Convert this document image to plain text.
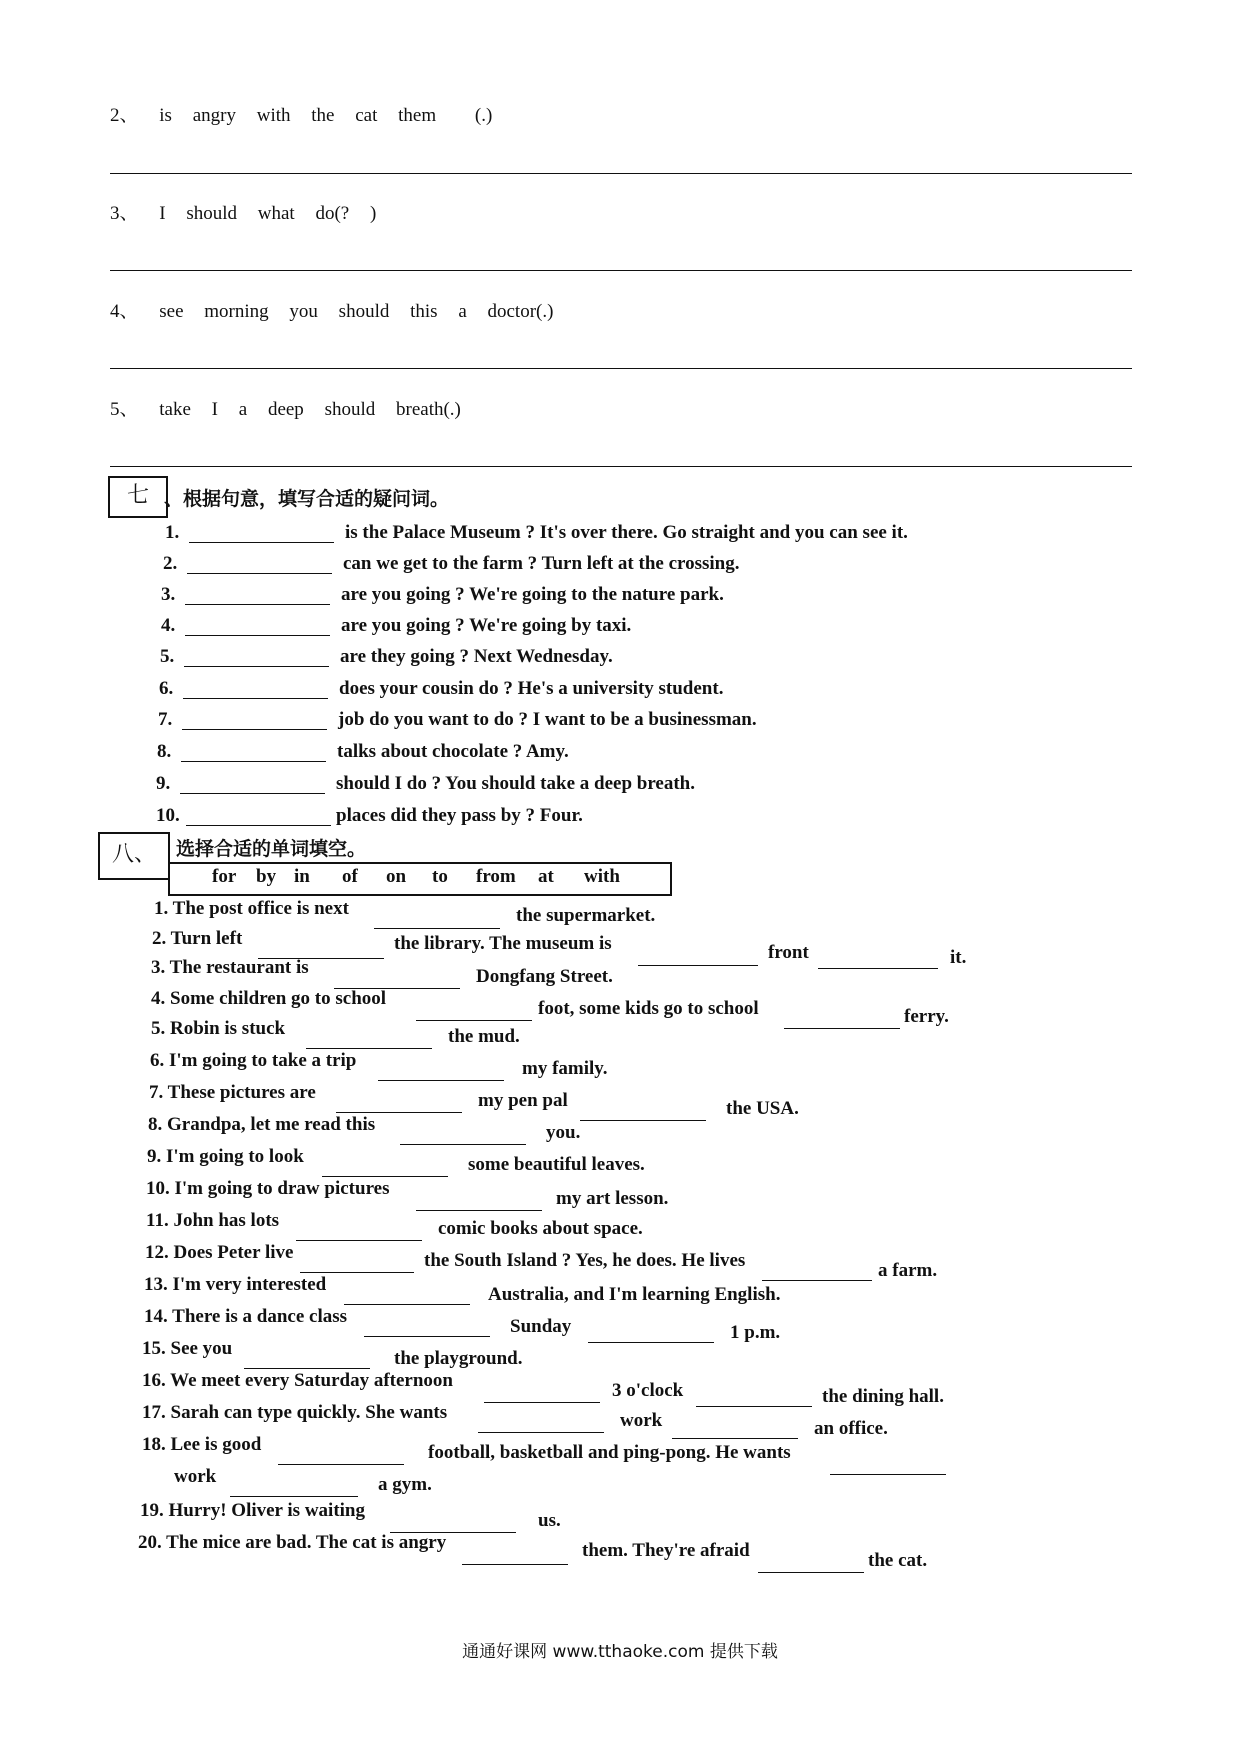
2、 is angry with the cat them (.)
3、 I should what do(? )
4、 see morning you should this a doctor(.)
5、 take I a deep should breath(.)
七 、根据句意，填写合适的疑问词。
1.	is the Palace Museum ? It's over there. Go straight and you can see it.
2.	can we get to the farm ? Turn left at the crossing.
3.	are you going ? We're going to the nature park.
4.	are you going ? We're going by taxi.
5.	are they going ? Next Wednesday.
6.	does your cousin do ? He's a university student.
7.	job do you want to do ? I want to be a businessman.
8.	talks about chocolate ? Amy.
9.	should I do ? You should take a deep breath.
10.	places did they pass by ? Four.
八、	选择合适的单词填空。
for by in of on to from at with
1. The post office is next	the supermarket.
2. Turn left	the library. The museum is	front	it.
3. The restaurant is	Dongfang Street.
4. Some children go to school	foot, some kids go to school	ferry.
5. Robin is stuck	the mud.
6. I'm going to take a trip	my family.
7. These pictures are	my pen pal	the USA.
8. Grandpa, let me read this	you.
9. I'm going to look	some beautiful leaves.
10. I'm going to draw pictures	my art lesson.
11. John has lots	comic books about space.
12. Does Peter live	the South Island ? Yes, he does. He lives	a farm.
13. I'm very interested	Australia, and I'm learning English.
14. There is a dance class	Sunday	1 p.m.
15. See you	the playground.
16. We meet every Saturday afternoon	3 o'clock	the dining hall.
17. Sarah can type quickly. She wants	work	an office.
18. Lee is good	football, basketball and ping-pong. He wants
work	a gym.
19. Hurry! Oliver is waiting	us.
20. The mice are bad. The cat is angry	them. They're afraid	the cat.
通通好课网 www.tthaoke.com 提供下载
